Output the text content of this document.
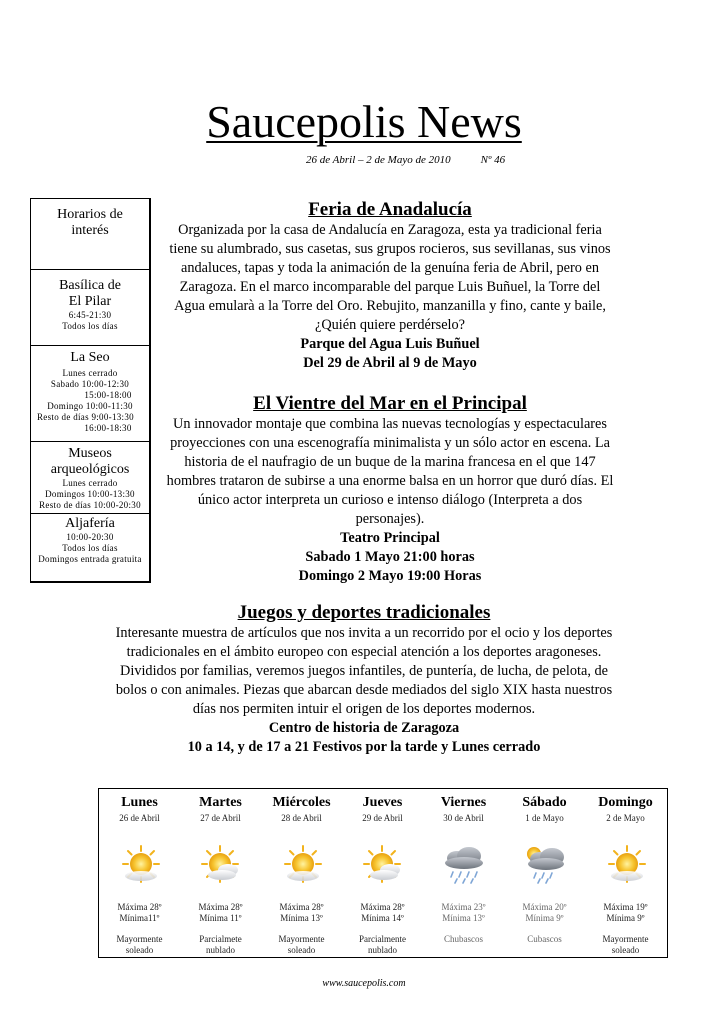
Saucepolis News
26 de Abril – 2 de Mayo de 2010	Nº 46
Horarios de
interés
Basílica de
El Pilar
6:45-21:30
Todos los días
La Seo
Lunes cerrado
Sabado 10:00-12:30
15:00-18:00
Domingo 10:00-11:30
Resto de días 9:00-13:30
16:00-18:30
Museos
arqueológicos
Lunes cerrado
Domingos 10:00-13:30
Resto de días 10:00-20:30
Aljafería
10:00-20:30
Todos los días
Domingos entrada gratuita
Feria de Anadalucía
Organizada por la casa de Andalucía en Zaragoza, esta ya tradicional feria
tiene su alumbrado, sus casetas, sus grupos rocieros, sus sevillanas, sus vinos
andaluces, tapas y toda la animación de la genuína feria de Abril, pero en
Zaragoza. En el marco incomparable del parque Luis Buñuel, la Torre del
Agua emularà a la Torre del Oro. Rebujito, manzanilla y fino, cante y baile,
¿Quién quiere perdérselo?
Parque del Agua Luis Buñuel
Del 29 de Abril al 9 de Mayo
El Vientre del Mar en el Principal
Un innovador montaje que combina las nuevas tecnologías y espectaculares
proyecciones con una escenografía minimalista y un sólo actor en escena. La
historia de el naufragio de un buque de la marina francesa en el que 147
hombres trataron de subirse a una enorme balsa en un horror que duró días. El
único actor interpreta un curioso e intenso diálogo (Interpreta a dos
personajes).
Teatro Principal
Sabado 1 Mayo 21:00 horas
Domingo 2 Mayo 19:00 Horas
Juegos y deportes tradicionales
Interesante muestra de artículos que nos invita a un recorrido por el ocio y los deportes
tradicionales en el ámbito europeo con especial atención a los deportes aragoneses.
Divididos por familias, veremos juegos infantiles, de puntería, de lucha, de pelota, de
bolos o con animales. Piezas que abarcan desde mediados del siglo XIX hasta nuestros
días nos permiten intuir el origen de los deportes modernos.
Centro de historia de Zaragoza
10 a 14, y de 17 a 21 Festivos por la tarde y Lunes cerrado
Lunes
26 de Abril
Máxima 28º
Mínima11º
Mayormente
soleado
Martes
27 de Abril
Máxima 28º
Mínima 11º
Parcialmete
nublado
Miércoles
28 de Abril
Máxima 28º
Mínima 13º
Mayormente
soleado
Jueves
29 de Abril
Máxima 28º
Mínima 14º
Parcialmente
nublado
Viernes
30 de Abril
Máxima 23º
Mínima 13º
Chubascos
Sábado
1 de Mayo
Máxima 20º
Mínima 9º
Cubascos
Domingo
2 de Mayo
Máxima 19º
Mínima 9º
Mayormente
soleado
www.saucepolis.com
